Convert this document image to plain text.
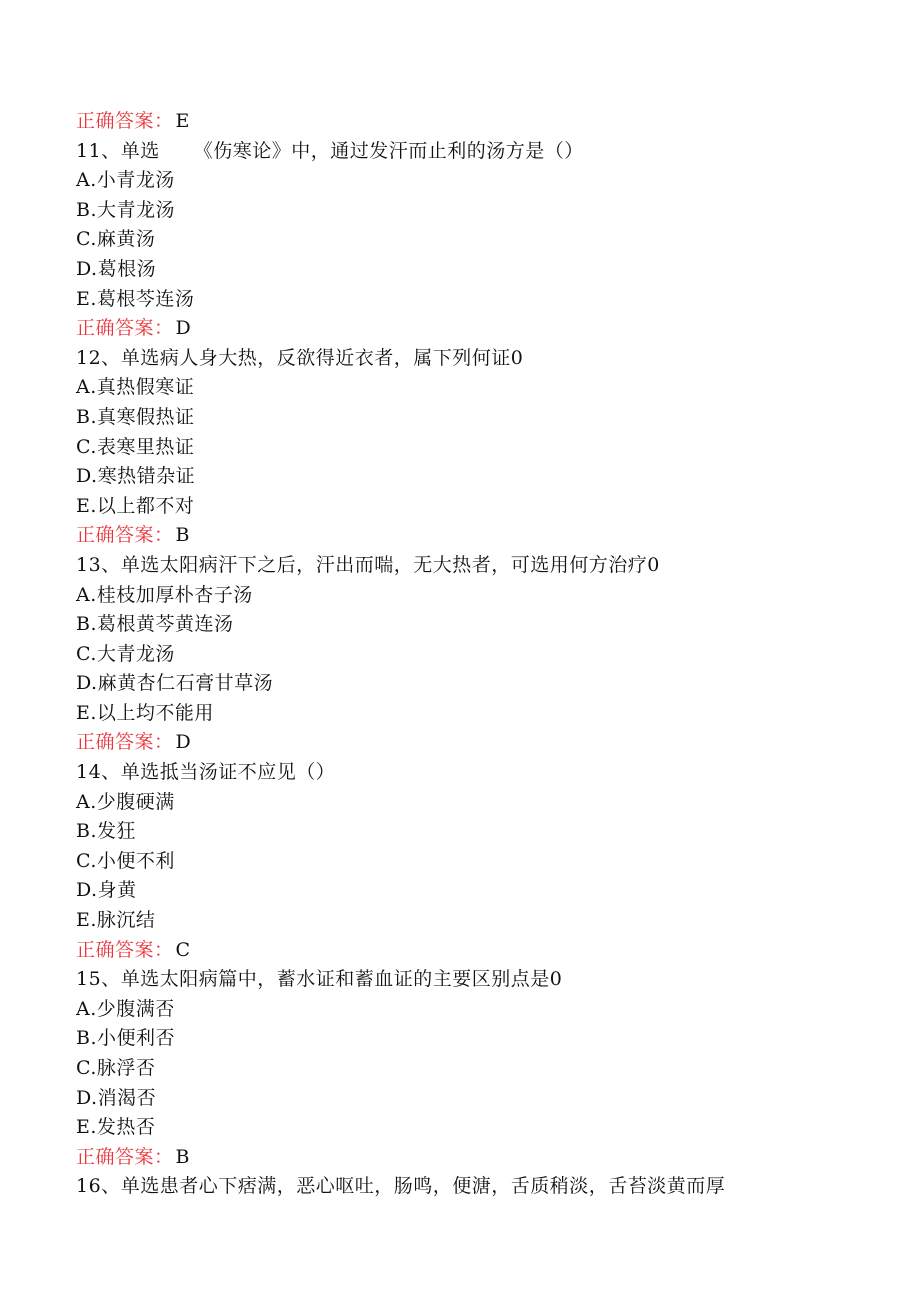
正确答案： E
11、单选 《伤寒论》中，通过发汗而止利的汤方是（）
A.小青龙汤
B.大青龙汤
C.麻黄汤
D.葛根汤
E.葛根芩连汤
正确答案： D
12、单选病人身大热，反欲得近衣者，属下列何证0
A.真热假寒证
B.真寒假热证
C.表寒里热证
D.寒热错杂证
E.以上都不对
正确答案： B
13、单选太阳病汗下之后，汗出而喘，无大热者，可选用何方治疗0
A.桂枝加厚朴杏子汤
B.葛根黄芩黄连汤
C.大青龙汤
D.麻黄杏仁石膏甘草汤
E.以上均不能用
正确答案： D
14、单选抵当汤证不应见（）
A.少腹硬满
B.发狂
C.小便不利
D.身黄
E.脉沉结
正确答案： C
15、单选太阳病篇中，蓄水证和蓄血证的主要区别点是0
A.少腹满否
B.小便利否
C.脉浮否
D.消渴否
E.发热否
正确答案： B
16、单选患者心下痞满，恶心呕吐，肠鸣，便溏，舌质稍淡，舌苔淡黄而厚
